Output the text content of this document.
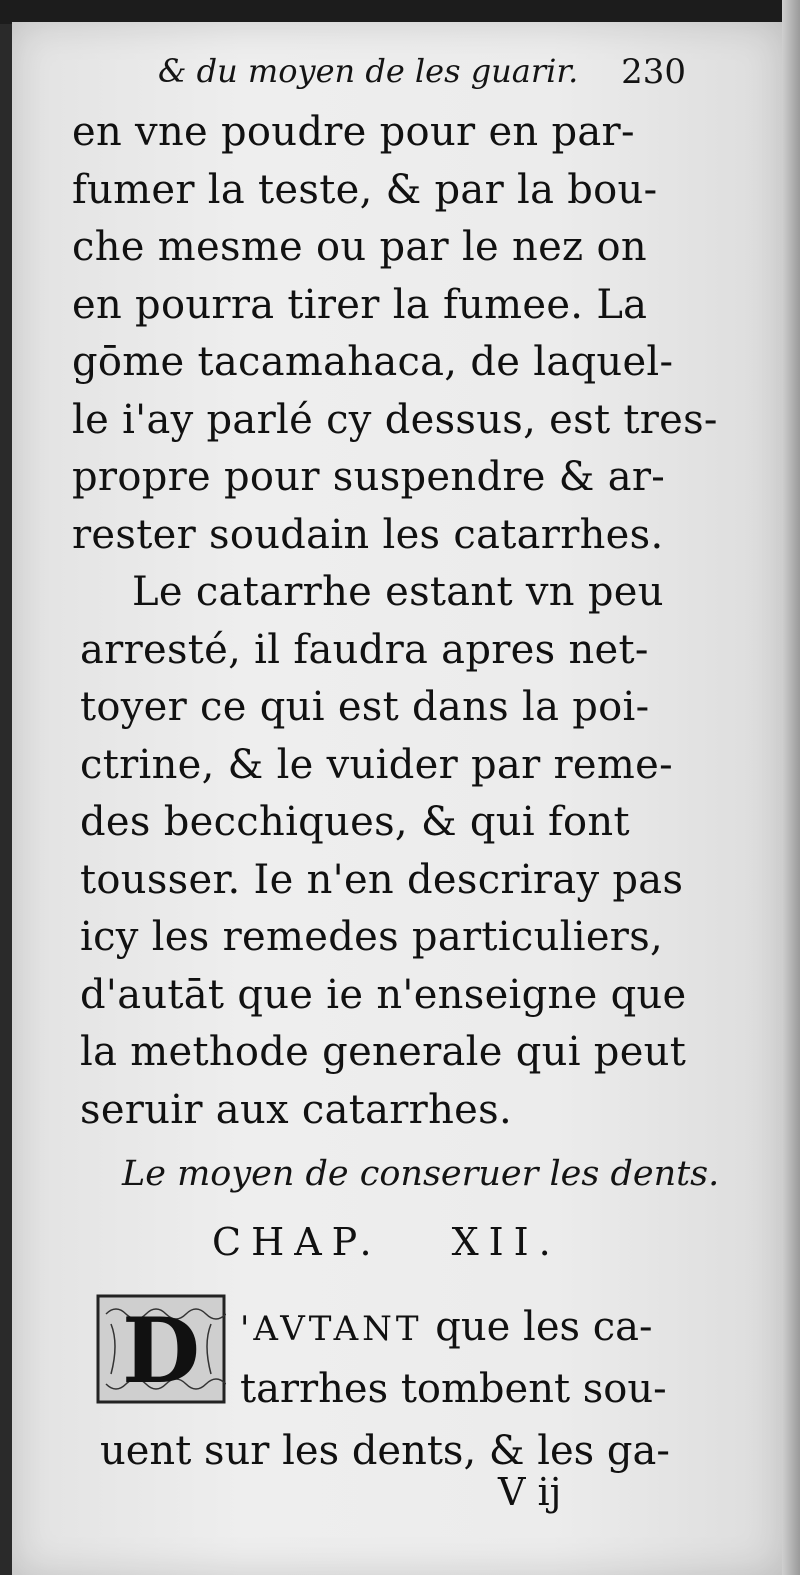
& du moyen de les guarir. 230
en vne poudre pour en par-
fumer la teste, & par la bou-
che mesme ou par le nez on
en pourra tirer la fumee. La
gōme tacamahaca, de laquel-
le i'ay parlé cy dessus, est tres-
propre pour suspendre & ar-
rester soudain les catarrhes.
Le catarrhe estant vn peu
arresté, il faudra apres net-
toyer ce qui est dans la poi-
ctrine, & le vuider par reme-
des becchiques, & qui font
tousser. Ie n'en descriray pas
icy les remedes particuliers,
d'autāt que ie n'enseigne que
la methode generale qui peut
seruir aux catarrhes.
Le moyen de conseruer les dents.
CHAP. XII.
D	'AVTANT que les ca-
tarrhes tombent sou-
uent sur les dents, & les ga-
V ij
